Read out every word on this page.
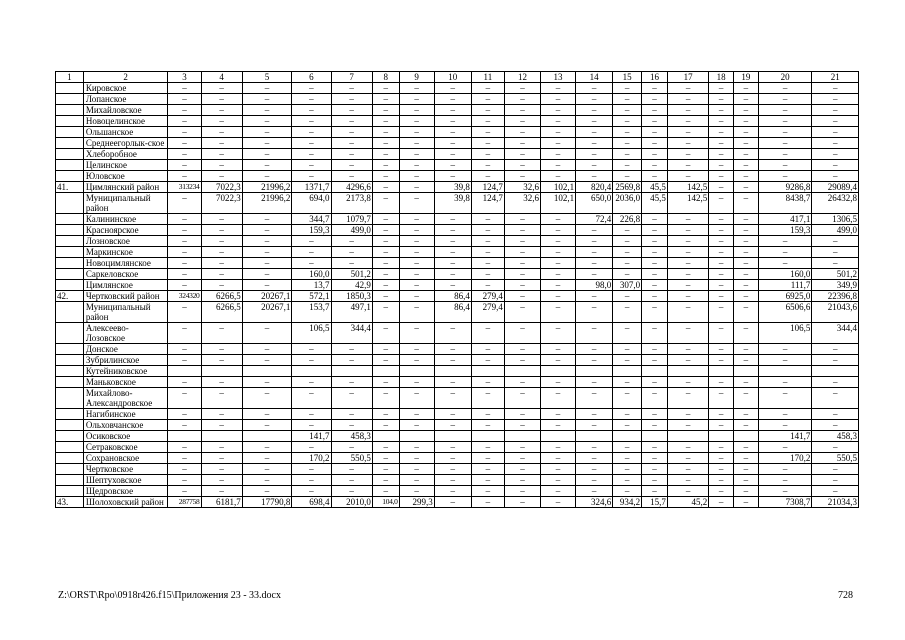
1	2	3	4	5	6	7	8	9	10	11	12	13	14	15	16	17	18	19	20	21
	Кировское	–	–	–	–	–	–	–	–	–	–	–	–	–	–	–	–	–	–	–
	Лопанское	–	–	–	–	–	–	–	–	–	–	–	–	–	–	–	–	–	–	–
	Михайловское	–	–	–	–	–	–	–	–	–	–	–	–	–	–	–	–	–	–	–
	Новоцелинское	–	–	–	–	–	–	–	–	–	–	–	–	–	–	–	–	–	–	–
	Ольшанское	–	–	–	–	–	–	–	–	–	–	–	–	–	–	–	–	–	–	–
	Среднеегорлык-ское	–	–	–	–	–	–	–	–	–	–	–	–	–	–	–	–	–	–	–
	Хлеборобное	–	–	–	–	–	–	–	–	–	–	–	–	–	–	–	–	–	–	–
	Целинское	–	–	–	–	–	–	–	–	–	–	–	–	–	–	–	–	–	–	–
	Юловское	–	–	–	–	–	–	–	–	–	–	–	–	–	–	–	–	–	–	–
41.	Цимлянский район	313234	7022,3	21996,2	1371,7	4296,6	–	–	39,8	124,7	32,6	102,1	820,4	2569,8	45,5	142,5	–	–	9286,8	29089,4
	Муниципальный район	–	7022,3	21996,2	694,0	2173,8	–	–	39,8	124,7	32,6	102,1	650,0	2036,0	45,5	142,5	–	–	8438,7	26432,8
	Калининское	–	–	–	344,7	1079,7	–	–	–	–	–	–	72,4	226,8	–	–	–	–	417,1	1306,5
	Красноярское	–	–	–	159,3	499,0	–	–	–	–	–	–	–	–	–	–	–	–	159,3	499,0
	Лозновское	–	–	–	–	–	–	–	–	–	–	–	–	–	–	–	–	–	–	–
	Маркинское	–	–	–	–	–	–	–	–	–	–	–	–	–	–	–	–	–	–	–
	Новоцимлянское	–	–	–	–	–	–	–	–	–	–	–	–	–	–	–	–	–	–	–
	Саркеловское	–	–	–	160,0	501,2	–	–	–	–	–	–	–	–	–	–	–	–	160,0	501,2
	Цимлянское	–	–	–	13,7	42,9	–	–	–	–	–	–	98,0	307,0	–	–	–	–	111,7	349,9
42.	Чертковский район	324320	6266,5	20267,1	572,1	1850,3	–	–	86,4	279,4	–	–	–	–	–	–	–	–	6925,0	22396,8
	Муниципальный район	–	6266,5	20267,1	153,7	497,1	–	–	86,4	279,4	–	–	–	–	–	–	–	–	6506,6	21043,6
	Алексеево-Лозовское	–	–	–	106,5	344,4	–	–	–	–	–	–	–	–	–	–	–	–	106,5	344,4
	Донское	–	–	–	–	–	–	–	–	–	–	–	–	–	–	–	–	–	–	–
	Зубрилинское	–	–	–	–	–	–	–	–	–	–	–	–	–	–	–	–	–	–	–
	Кутейниковское																			
	Маньковское	–	–	–	–	–	–	–	–	–	–	–	–	–	–	–	–	–	–	–
	Михайлово-Александровское	–	–	–	–	–	–	–	–	–	–	–	–	–	–	–	–	–	–	–
	Нагибинское	–	–	–	–	–	–	–	–	–	–	–	–	–	–	–	–	–	–	–
	Ольховчанское	–	–	–	–	–	–	–	–	–	–	–	–	–	–	–	–	–	–	–
	Осиковское				141,7	458,3													141,7	458,3
	Сетраковское	–	–	–	–	–	–	–	–	–	–	–	–	–	–	–	–	–	–	–
	Сохрановское	–	–	–	170,2	550,5	–	–	–	–	–	–	–	–	–	–	–	–	170,2	550,5
	Чертковское	–	–	–	–	–	–	–	–	–	–	–	–	–	–	–	–	–	–	–
	Шептуховское	–	–	–	–	–	–	–	–	–	–	–	–	–	–	–	–	–	–	–
	Щедровское	–	–	–	–	–	–	–	–	–	–	–	–	–	–	–	–	–	–	–
43.	Шолоховский район	287758	6181,7	17790,8	698,4	2010,0	104,0	299,3	–	–	–	–	324,6	934,2	15,7	45,2	–	–	7308,7	21034,3
Z:\ORST\Rpo\0918r426.f15\Приложения 23 - 33.docx	728
